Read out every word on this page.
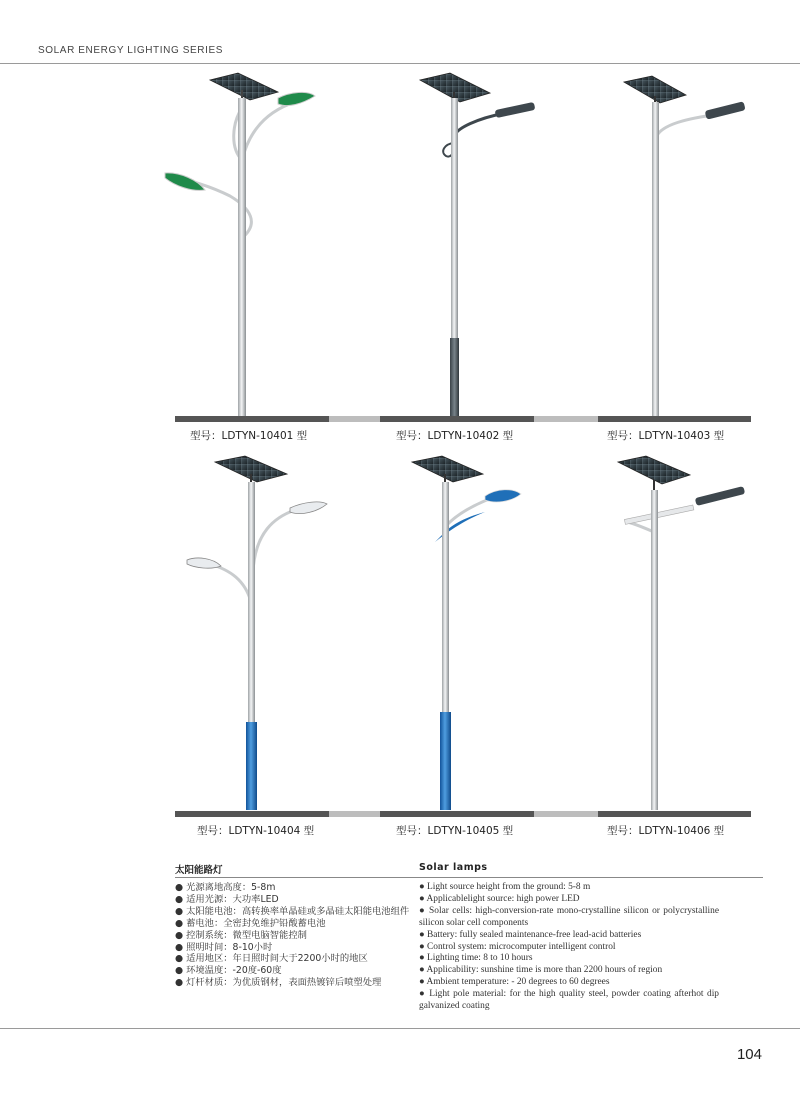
SOLAR ENERGY LIGHTING SERIES
型号：LDTYN-10401 型	型号：LDTYN-10402 型	型号：LDTYN-10403 型
型号：LDTYN-10404 型	型号：LDTYN-10405 型	型号：LDTYN-10406 型
太阳能路灯	Solar lamps
● 光源离地高度：5-8m
● 适用光源：大功率LED
● 太阳能电池：高转换率单晶硅或多晶硅太阳能电池组件
● 蓄电池：全密封免维护铅酸蓄电池
● 控制系统：微型电脑智能控制
● 照明时间：8-10小时
● 适用地区：年日照时间大于2200小时的地区
● 环境温度：-20度-60度
● 灯杆材质：为优质钢材，表面热镀锌后喷塑处理
● Light source height from the ground: 5-8 m
● Applicablelight source: high power LED
● Solar cells: high-conversion-rate mono-crystalline silicon or polycrystalline silicon solar cell components
● Battery: fully sealed maintenance-free lead-acid batteries
● Control system: microcomputer intelligent control
● Lighting time: 8 to 10 hours
● Applicability: sunshine time is more than 2200 hours of region
● Ambient temperature: - 20 degrees to 60 degrees
● Light pole material: for the high quality steel, powder coating afterhot dip galvanized coating
104
